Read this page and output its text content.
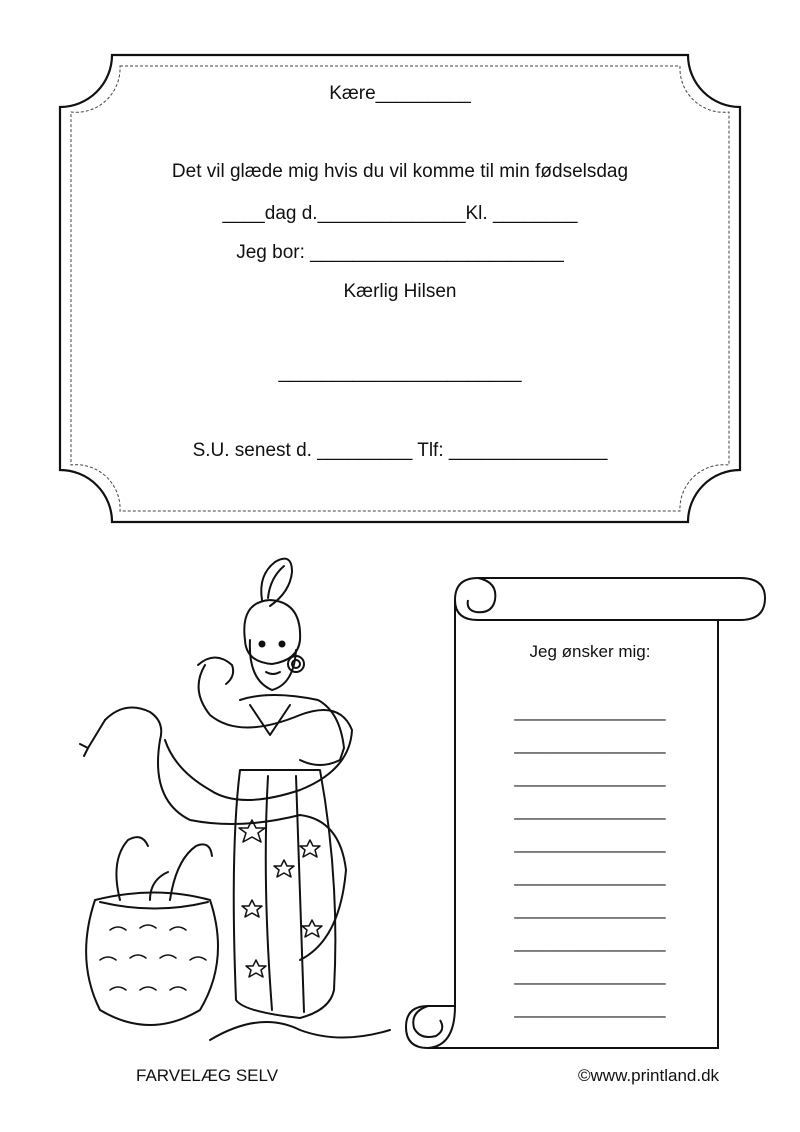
Kære_________
Det vil glæde mig hvis du vil komme til min fødselsdag
____dag d.______________Kl. ________
Jeg bor: ________________________
Kærlig Hilsen
_______________________
S.U. senest d. _________ Tlf: _______________
Jeg ønsker mig:
________________
________________
________________
________________
________________
________________
________________
________________
________________
________________
FARVELÆG SELV	©www.printland.dk
